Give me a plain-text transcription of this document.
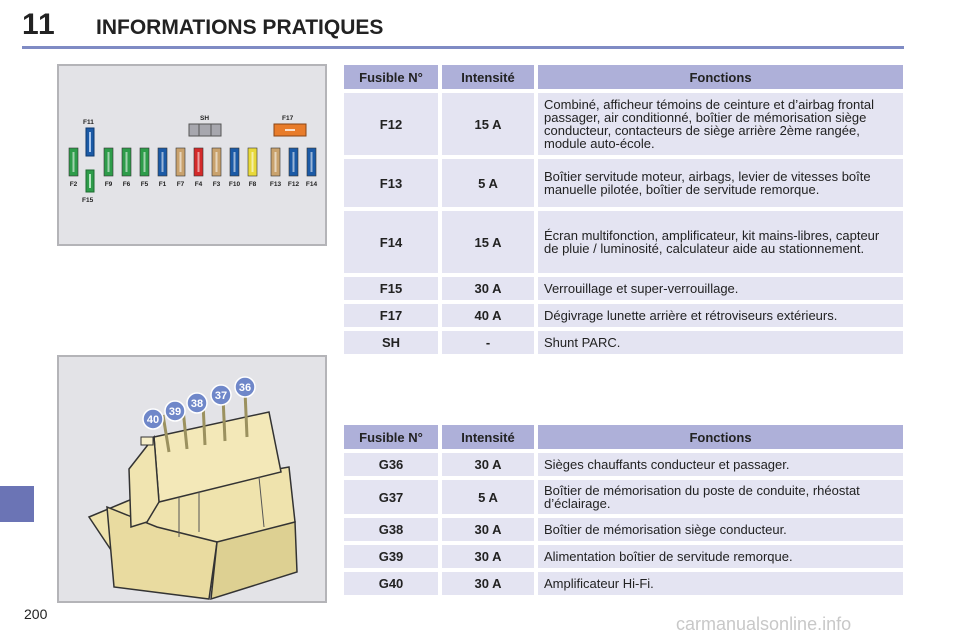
11 INFORMATIONS PRATIQUES
200	carmanualsonline.info
F2	F9 F6 F5 F1 F7 F4 F3 F10 F8 F13 F12 F14
F11
F15
SH	F17
40
39
38
37
36
Fusible N°	Intensité	Fonctions
F12	15 A	Combiné, afficheur témoins de ceinture et d’airbag frontal passager, air conditionné, boîtier de mémorisation siège conducteur, contacteurs de siège arrière 2ème rangée, module auto-école.
F13	5 A	Boîtier servitude moteur, airbags, levier de vitesses boîte manuelle pilotée, boîtier de servitude remorque.
F14	15 A	Écran multifonction, amplificateur, kit mains-libres, capteur de pluie / luminosité, calculateur aide au stationnement.
F15	30 A	Verrouillage et super-verrouillage.
F17	40 A	Dégivrage lunette arrière et rétroviseurs extérieurs.
SH	-	Shunt PARC.
Fusible N°	Intensité	Fonctions
G36	30 A	Sièges chauffants conducteur et passager.
G37	5 A	Boîtier de mémorisation du poste de conduite, rhéostat d’éclairage.
G38	30 A	Boîtier de mémorisation siège conducteur.
G39	30 A	Alimentation boîtier de servitude remorque.
G40	30 A	Amplificateur Hi-Fi.
